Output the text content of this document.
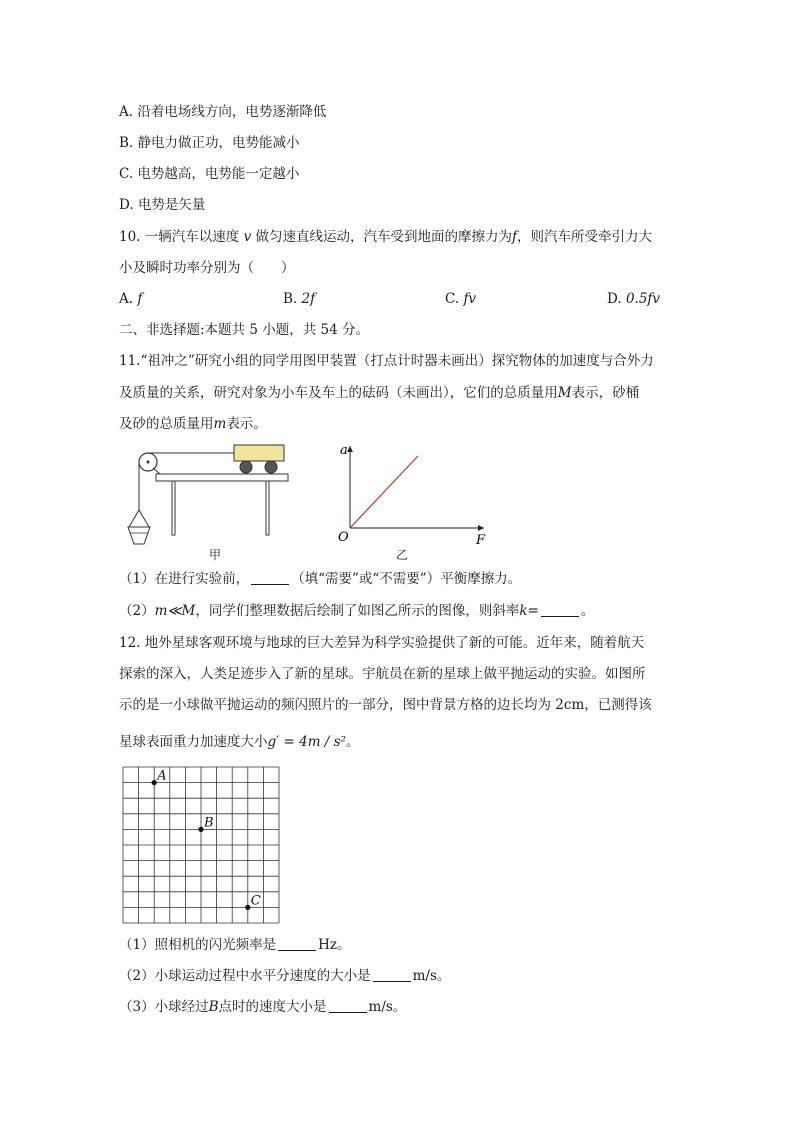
A. 沿着电场线方向，电势逐渐降低
B. 静电力做正功，电势能减小
C. 电势越高，电势能一定越小
D. 电势是矢量
10. 一辆汽车以速度 v 做匀速直线运动，汽车受到地面的摩擦力为f，则汽车所受牵引力大
小及瞬时功率分别为（　　）
A. f	B. 2f	C. fv	D. 0.5fv
二、非选择题:本题共 5 小题，共 54 分。
11.“祖冲之”研究小组的同学用图甲装置（打点计时器未画出）探究物体的加速度与合外力
及质量的关系，研究对象为小车及车上的砝码（未画出），它们的总质量用M表示，砂桶
及砂的总质量用m表示。
甲
a
F
O
乙
（1）在进行实验前，	（填“需要”或“不需要”）平衡摩擦力。
（2）m≪M，同学们整理数据后绘制了如图乙所示的图像，则斜率k=	。
12. 地外星球客观环境与地球的巨大差异为科学实验提供了新的可能。近年来，随着航天
探索的深入，人类足迹步入了新的星球。宇航员在新的星球上做平抛运动的实验。如图所
示的是一小球做平抛运动的频闪照片的一部分，图中背景方格的边长均为 2cm，已测得该
星球表面重力加速度大小g′ = 4m / s²。
A
B
C
（1）照相机的闪光频率是	Hz。
（2）小球运动过程中水平分速度的大小是	m/s。
（3）小球经过B点时的速度大小是	m/s。
